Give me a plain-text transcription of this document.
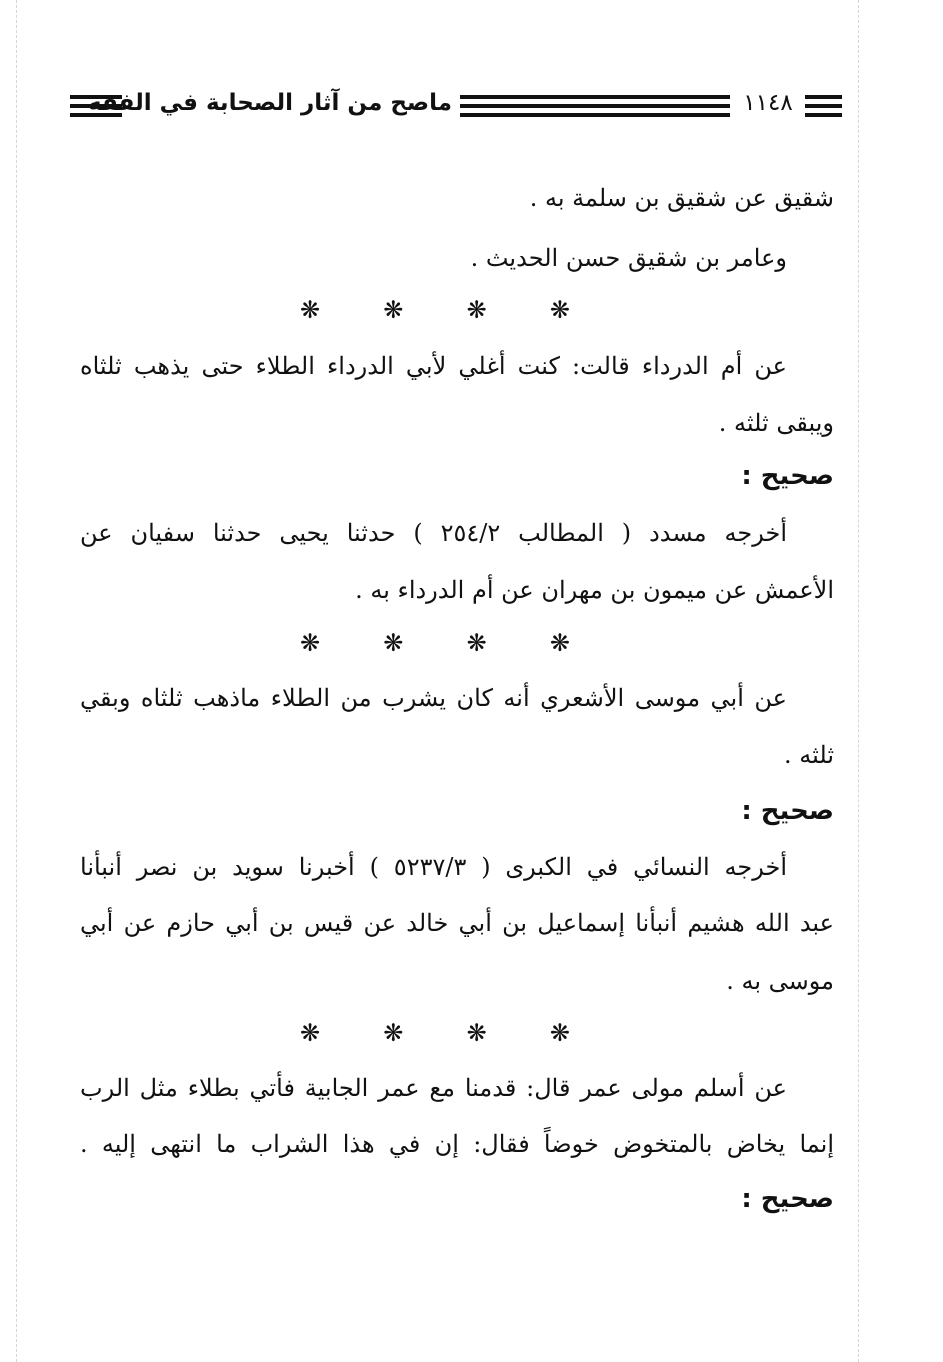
ماصح من آثار الصحابة في الفقه	١١٤٨
شقيق عن شقيق بن سلمة به .
وعامر بن شقيق حسن الحديث .
❋	❋	❋	❋
عن أم الدرداء قالت: كنت أغلي لأبي الدرداء الطلاء حتى يذهب ثلثاه
ويبقى ثلثه .
صحيح :
أخرجه مسدد ( المطالب ٢٥٤/٢ ) حدثنا يحيى حدثنا سفيان عن
الأعمش عن ميمون بن مهران عن أم الدرداء به .
❋	❋	❋	❋
عن أبي موسى الأشعري أنه كان يشرب من الطلاء ماذهب ثلثاه وبقي
ثلثه .
صحيح :
أخرجه النسائي في الكبرى ( ٥٢٣٧/٣ ) أخبرنا سويد بن نصر أنبأنا
عبد الله هشيم أنبأنا إسماعيل بن أبي خالد عن قيس بن أبي حازم عن أبي
موسى به .
❋	❋	❋	❋
عن أسلم مولى عمر قال: قدمنا مع عمر الجابية فأتي بطلاء مثل الرب
إنما يخاض بالمتخوض خوضاً فقال: إن في هذا الشراب ما انتهى إليه .
صحيح :
